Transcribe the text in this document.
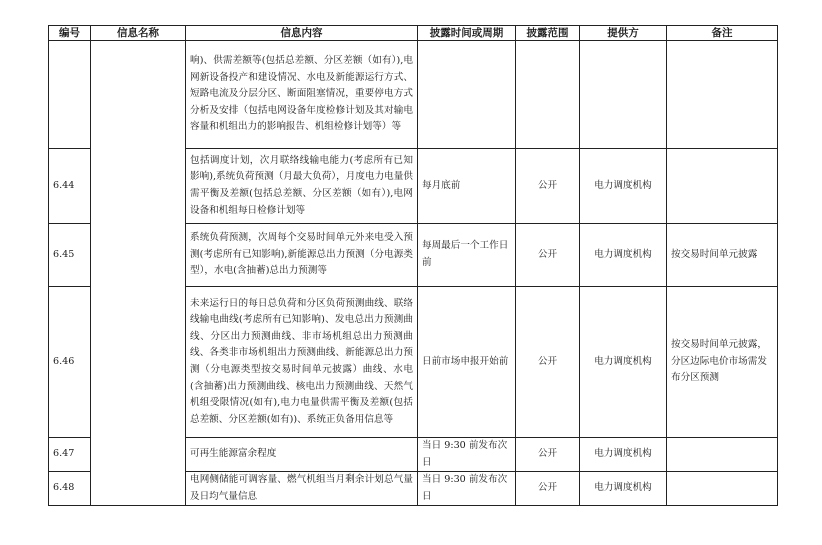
编号	信息名称	信息内容	披露时间或周期	披露范围	提供方	备注
		响)、供需差额等(包括总差额、分区差额（如有）),电网新设备投产和建设情况、水电及新能源运行方式、短路电流及分层分区、断面阻塞情况，重要停电方式分析及安排（包括电网设备年度检修计划及其对输电容量和机组出力的影响报告、机组检修计划等）等				
6.44		包括调度计划，次月联络线输电能力(考虑所有已知影响),系统负荷预测（月最大负荷），月度电力电量供需平衡及差额(包括总差额、分区差额（如有）),电网设备和机组每日检修计划等	每月底前	公开	电力调度机构	
6.45		系统负荷预测，次周每个交易时间单元外来电受入预测(考虑所有已知影响),新能源总出力预测（分电源类型），水电(含抽蓄)总出力预测等	每周最后一个工作日前	公开	电力调度机构	按交易时间单元披露
6.46		未来运行日的每日总负荷和分区负荷预测曲线、联络线输电曲线(考虑所有已知影响)、发电总出力预测曲线、分区出力预测曲线、非市场机组总出力预测曲线、各类非市场机组出力预测曲线、新能源总出力预测（分电源类型按交易时间单元披露）曲线、水电(含抽蓄)出力预测曲线、核电出力预测曲线、天然气机组受限情况(如有),电力电量供需平衡及差额(包括总差额、分区差额(如有))、系统正负备用信息等	日前市场申报开始前	公开	电力调度机构	按交易时间单元披露，分区边际电价市场需发布分区预测
6.47		可再生能源富余程度	当日 9:30 前发布次日	公开	电力调度机构	
6.48		电网侧储能可调容量、燃气机组当月剩余计划总气量及日均气量信息	当日 9:30 前发布次日	公开	电力调度机构	
